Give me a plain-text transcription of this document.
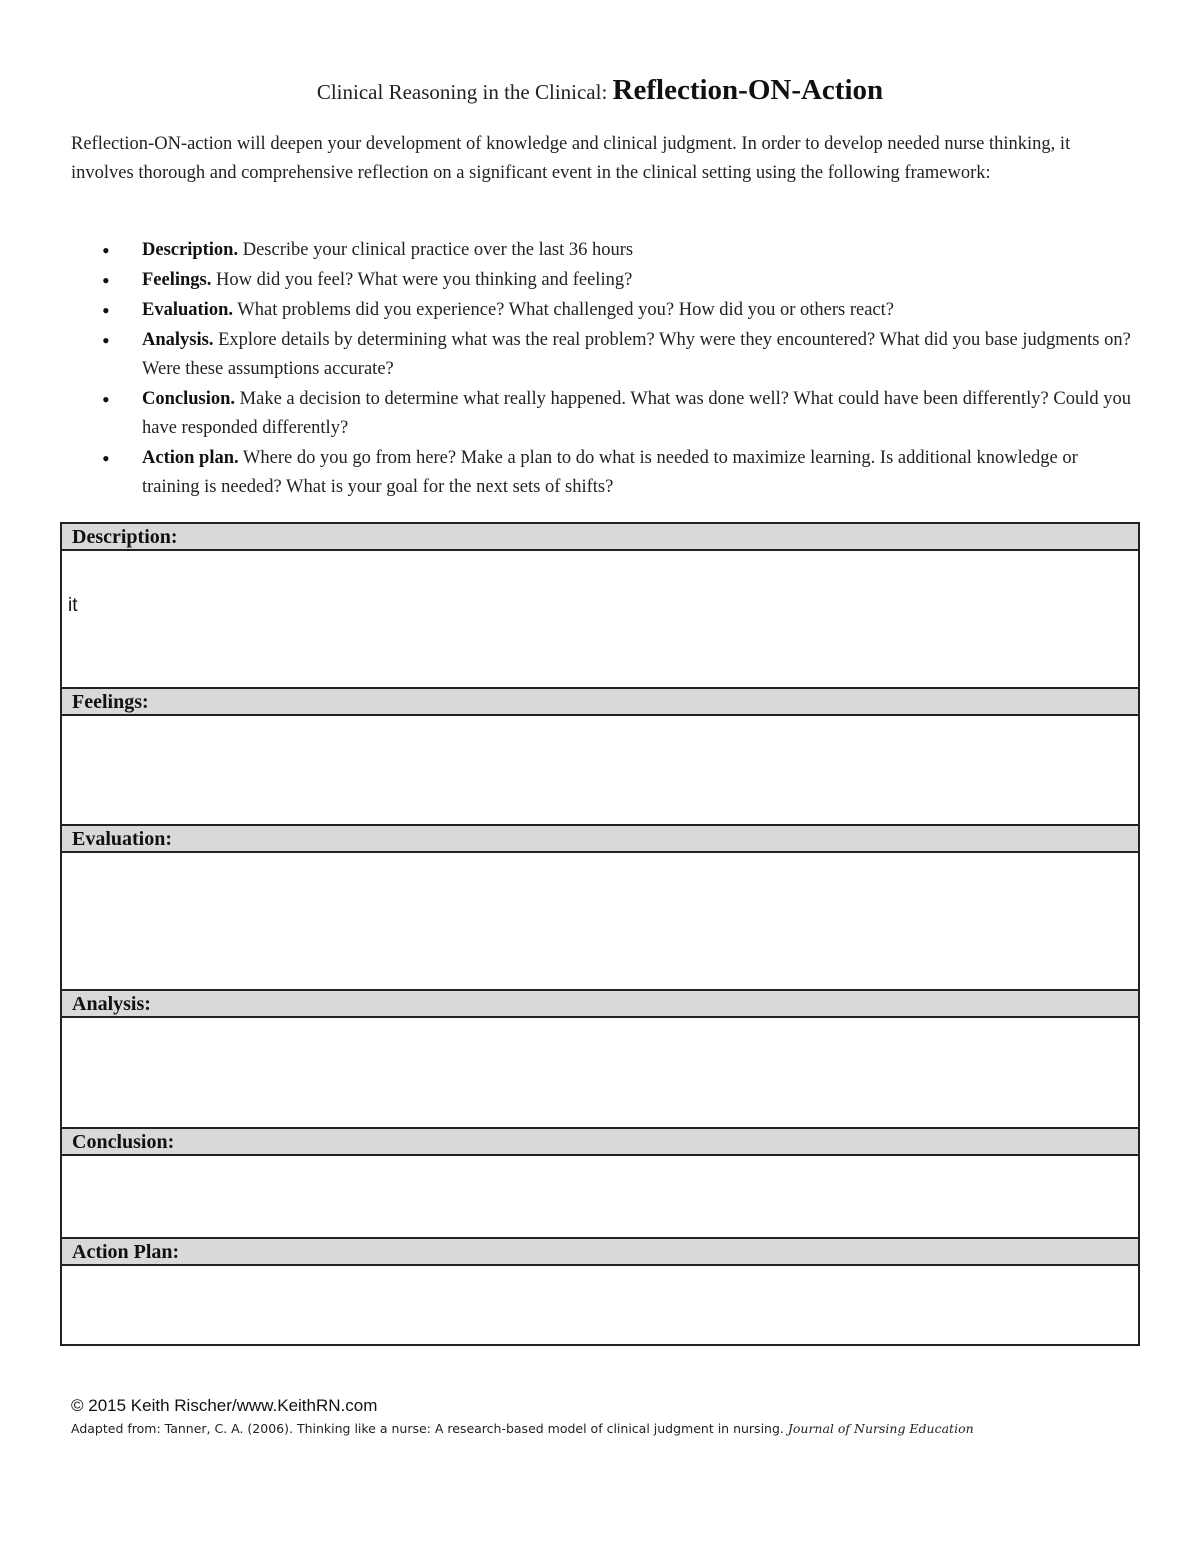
Clinical Reasoning in the Clinical: Reflection-ON-Action
Reflection-ON-action will deepen your development of knowledge and clinical judgment. In order to develop needed nurse thinking, it involves thorough and comprehensive reflection on a significant event in the clinical setting using the following framework:
• Description. Describe your clinical practice over the last 36 hours
• Feelings. How did you feel? What were you thinking and feeling?
• Evaluation. What problems did you experience? What challenged you? How did you or others react?
• Analysis. Explore details by determining what was the real problem? Why were they encountered? What did you base judgments on? Were these assumptions accurate?
• Conclusion. Make a decision to determine what really happened. What was done well? What could have been differently? Could you have responded differently?
• Action plan. Where do you go from here? Make a plan to do what is needed to maximize learning. Is additional knowledge or training is needed? What is your goal for the next sets of shifts?
Description:
it
Feelings:
Evaluation:
Analysis:
Conclusion:
Action Plan:
© 2015 Keith Rischer/www.KeithRN.com
Adapted from: Tanner, C. A. (2006). Thinking like a nurse: A research-based model of clinical judgment in nursing. Journal of Nursing Education
